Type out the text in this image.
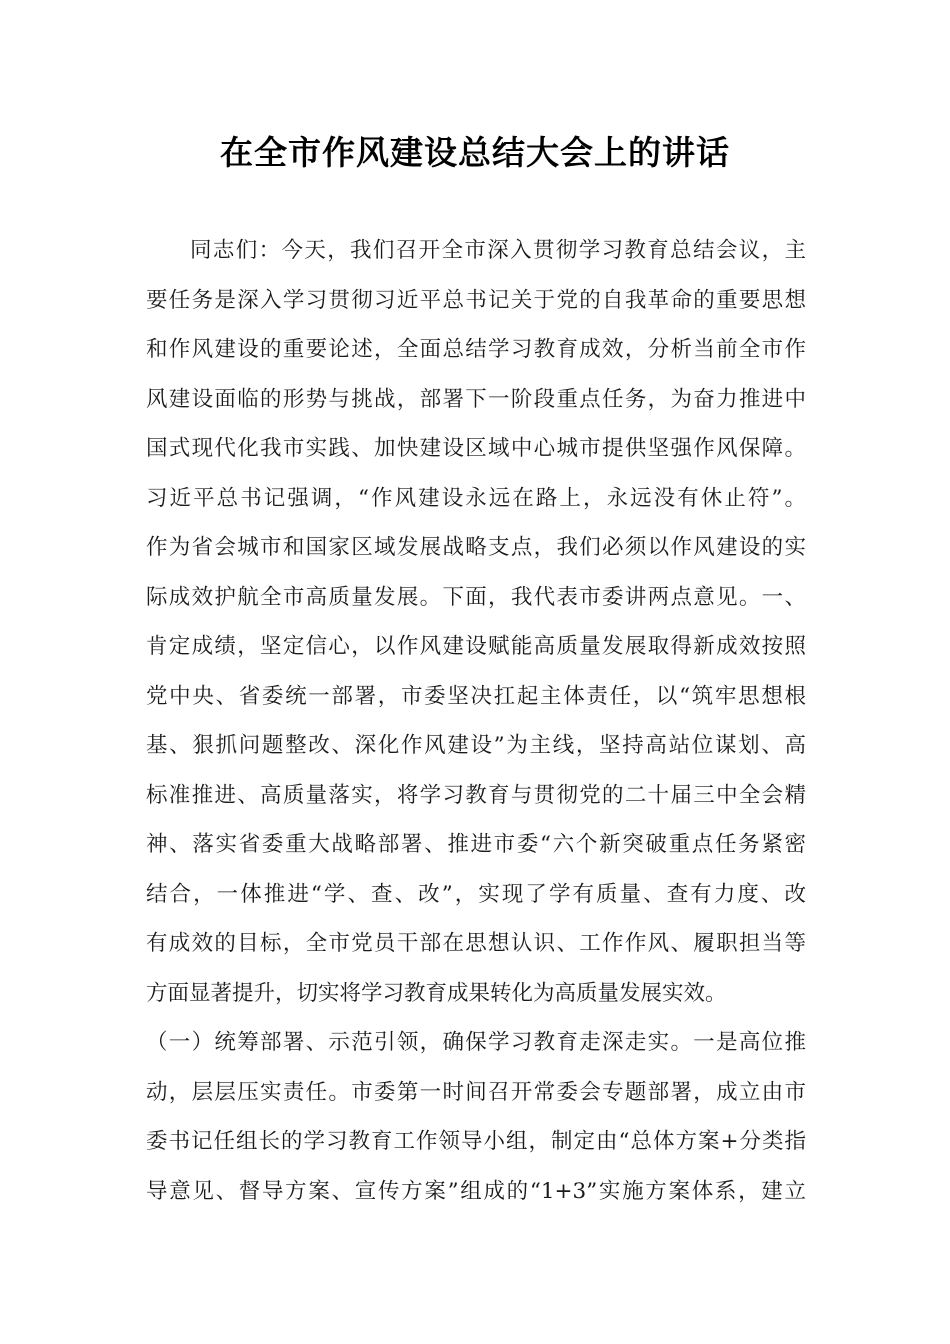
在全市作风建设总结大会上的讲话

同志们：今天，我们召开全市深入贯彻学习教育总结会议，主

要任务是深入学习贯彻习近平总书记关于党的自我革命的重要思想

和作风建设的重要论述，全面总结学习教育成效，分析当前全市作

风建设面临的形势与挑战，部署下一阶段重点任务，为奋力推进中

国式现代化我市实践、加快建设区域中心城市提供坚强作风保障。

习近平总书记强调，“作风建设永远在路上，永远没有休止符”。

作为省会城市和国家区域发展战略支点，我们必须以作风建设的实

际成效护航全市高质量发展。下面，我代表市委讲两点意见。一、

肯定成绩，坚定信心，以作风建设赋能高质量发展取得新成效按照

党中央、省委统一部署，市委坚决扛起主体责任，以“筑牢思想根

基、狠抓问题整改、深化作风建设”为主线，坚持高站位谋划、高

标准推进、高质量落实，将学习教育与贯彻党的二十届三中全会精

神、落实省委重大战略部署、推进市委“六个新突破重点任务紧密

结合，一体推进“学、查、改”，实现了学有质量、查有力度、改

有成效的目标，全市党员干部在思想认识、工作作风、履职担当等

方面显著提升，切实将学习教育成果转化为高质量发展实效。

（一）统筹部署、示范引领，确保学习教育走深走实。一是高位推

动，层层压实责任。市委第一时间召开常委会专题部署，成立由市

委书记任组长的学习教育工作领导小组，制定由“总体方案+分类指

导意见、督导方案、宣传方案”组成的“1+3”实施方案体系，建立
